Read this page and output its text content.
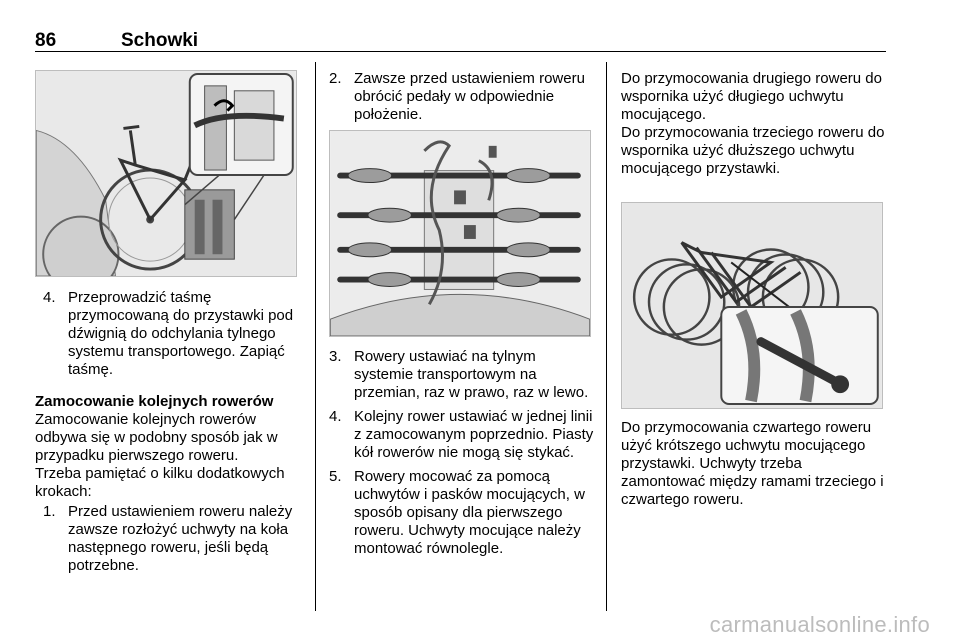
86	Schowki
4. Przeprowadzić taśmę przymocowaną do przystawki pod dźwignią do odchylania tylnego systemu transportowego. Zapiąć taśmę.

Zamocowanie kolejnych rowerów

Zamocowanie kolejnych rowerów odbywa się w podobny sposób jak w przypadku pierwszego roweru.

Trzeba pamiętać o kilku dodatkowych krokach:

1. Przed ustawieniem roweru należy zawsze rozłożyć uchwyty na koła następnego roweru, jeśli będą potrzebne.

2. Zawsze przed ustawieniem roweru obrócić pedały w odpowiednie położenie.

3. Rowery ustawiać na tylnym systemie transportowym na przemian, raz w prawo, raz w lewo.

4. Kolejny rower ustawiać w jednej linii z zamocowanym poprzednio. Piasty kół rowerów nie mogą się stykać.

5. Rowery mocować za pomocą uchwytów i pasków mocujących, w sposób opisany dla pierwszego roweru. Uchwyty mocujące należy montować równolegle.

Do przymocowania drugiego roweru do wspornika użyć długiego uchwytu mocującego.

Do przymocowania trzeciego roweru do wspornika użyć dłuższego uchwytu mocującego przystawki.

Do przymocowania czwartego roweru użyć krótszego uchwytu mocującego przystawki. Uchwyty trzeba zamontować między ramami trzeciego i czwartego roweru.

carmanualsonline.info
